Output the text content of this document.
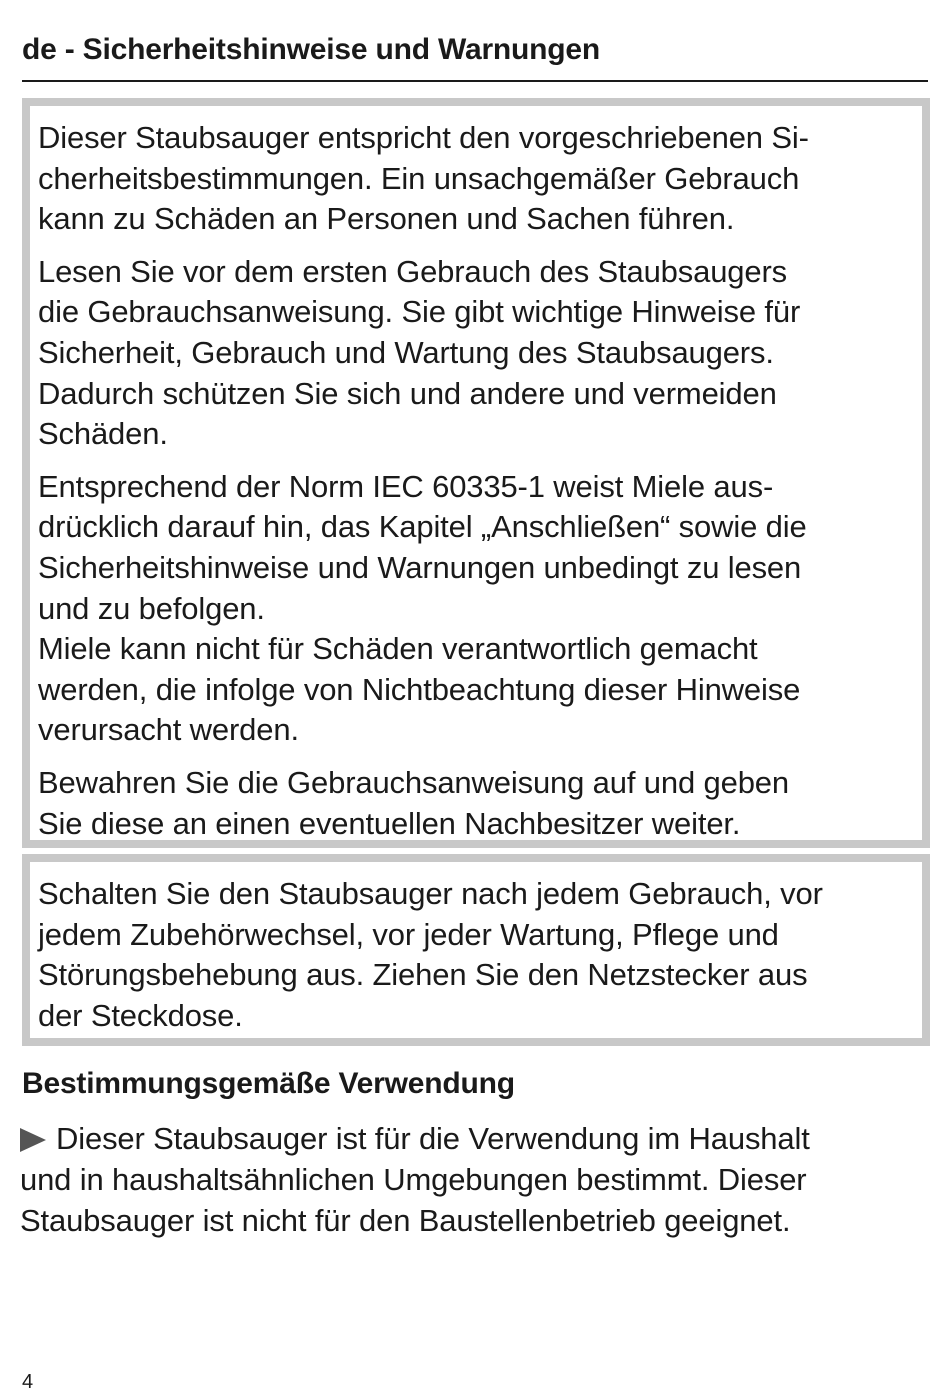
de - Sicherheitshinweise und Warnungen

Dieser Staubsauger entspricht den vorgeschriebenen Si-
cherheitsbestimmungen. Ein unsachgemäßer Gebrauch
kann zu Schäden an Personen und Sachen führen.

Lesen Sie vor dem ersten Gebrauch des Staubsaugers
die Gebrauchsanweisung. Sie gibt wichtige Hinweise für
Sicherheit, Gebrauch und Wartung des Staubsaugers.
Dadurch schützen Sie sich und andere und vermeiden
Schäden.

Entsprechend der Norm IEC 60335-1 weist Miele aus-
drücklich darauf hin, das Kapitel „Anschließen“ sowie die
Sicherheitshinweise und Warnungen unbedingt zu lesen
und zu befolgen.

Miele kann nicht für Schäden verantwortlich gemacht
werden, die infolge von Nichtbeachtung dieser Hinweise
verursacht werden.

Bewahren Sie die Gebrauchsanweisung auf und geben
Sie diese an einen eventuellen Nachbesitzer weiter.

Schalten Sie den Staubsauger nach jedem Gebrauch, vor
jedem Zubehörwechsel, vor jeder Wartung, Pflege und
Störungsbehebung aus. Ziehen Sie den Netzstecker aus
der Steckdose.

Bestimmungsgemäße Verwendung

Dieser Staubsauger ist für die Verwendung im Haushalt
und in haushaltsähnlichen Umgebungen bestimmt. Dieser
Staubsauger ist nicht für den Baustellenbetrieb geeignet.

4
